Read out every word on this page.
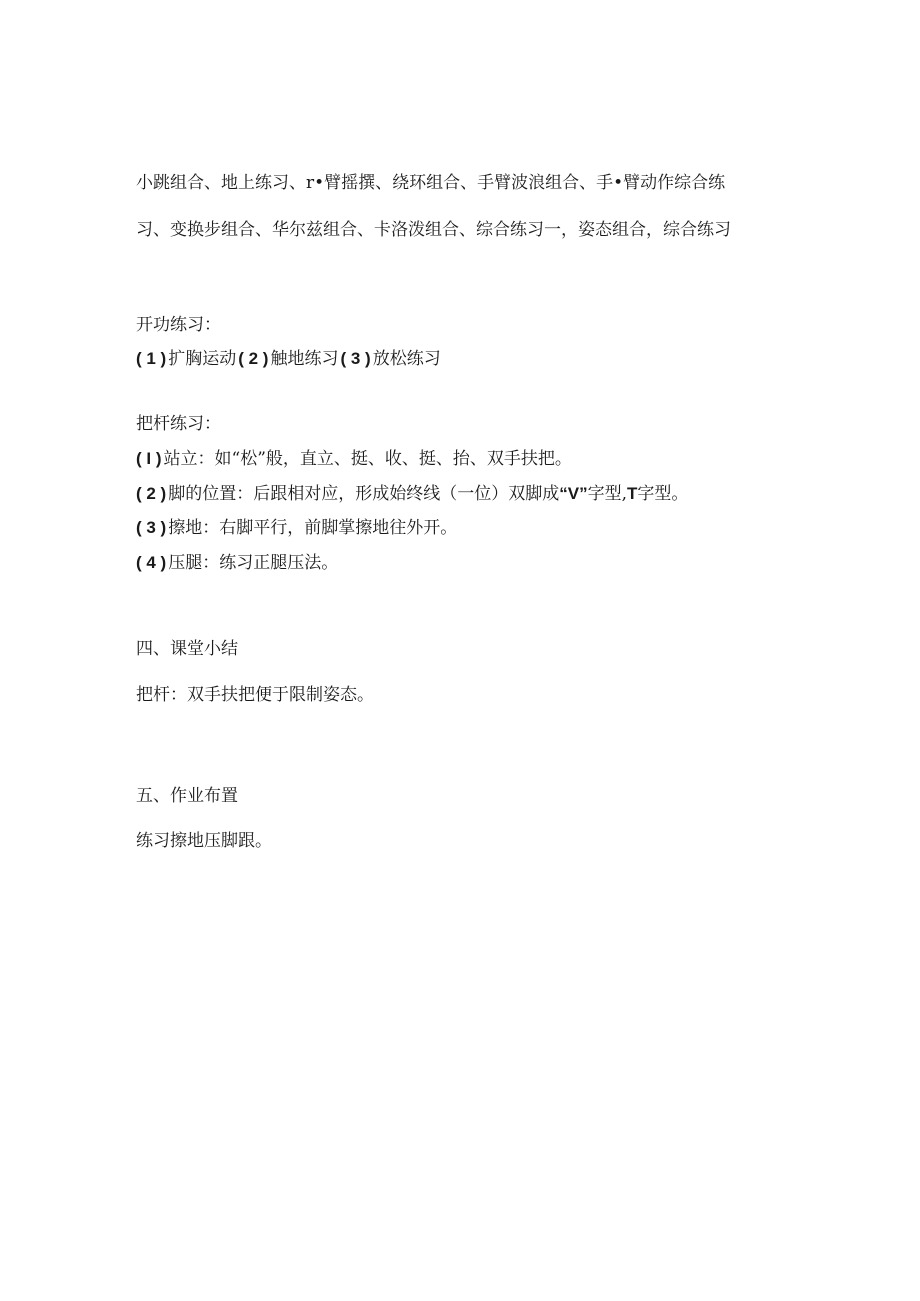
小跳组合、地上练习、r•臂摇撰、绕环组合、手臂波浪组合、手•臂动作综合练
习、变换步组合、华尔兹组合、卡洛泼组合、综合练习一，姿态组合，综合练习
开功练习：
( 1 ) 扩胸运动 ( 2 ) 触地练习 ( 3 ) 放松练习
把杆练习：
( I ) 站立：如“松”般，直立、挺、收、挺、抬、双手扶把。
( 2 ) 脚的位置：后跟相对应，形成始终线（一位）双脚成“V”字型,T字型。
( 3 ) 擦地：右脚平行，前脚掌擦地往外开。
( 4 ) 压腿：练习正腿压法。
四、课堂小结
把杆：双手扶把便于限制姿态。
五、作业布置
练习擦地压脚跟。
